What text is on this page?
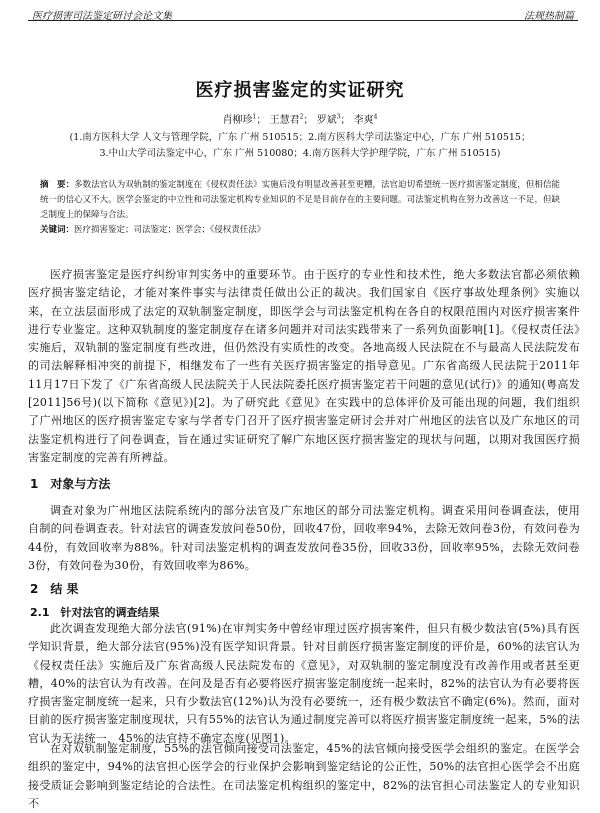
医疗损害司法鉴定研讨会论文集	法规热制篇
医疗损害鉴定的实证研究
肖柳珍$^1$； 王慧君$^2$； 罗斌$^3$； 李爽$^4$
(1.南方医科大学 人文与管理学院，广东 广州 510515；2.南方医科大学司法鉴定中心，广东 广州 510515；
3.中山大学司法鉴定中心，广东 广州 510080；4.南方医科大学护理学院，广东 广州 510515)
摘　要：多数法官认为双轨制的鉴定制度在《侵权责任法》实施后没有明显改善甚至更糟，法官迫切希望统一医疗损害鉴定制度，但相信能统一的信心又不大。医学会鉴定的中立性和司法鉴定机构专业知识的不足是目前存在的主要问题。司法鉴定机构在努力改善这一不足，但缺乏制度上的保障与合法。
关键词：医疗损害鉴定；司法鉴定；医学会；《侵权责任法》
医疗损害鉴定是医疗纠纷审判实务中的重要环节。由于医疗的专业性和技术性，绝大多数法官都必须依赖医疗损害鉴定结论，才能对案件事实与法律责任做出公正的裁决。我们国家自《医疗事故处理条例》实施以来，在立法层面形成了法定的双轨制鉴定制度，即医学会与司法鉴定机构在各自的权限范围内对医疗损害案件进行专业鉴定。这种双轨制度的鉴定制度存在诸多问题并对司法实践带来了一系列负面影响[1]。《侵权责任法》实施后，双轨制的鉴定制度有些改进，但仍然没有实质性的改变。各地高级人民法院在不与最高人民法院发布的司法解释相冲突的前提下，相继发布了一些有关医疗损害鉴定的指导意见。广东省高级人民法院于2011年11月17日下发了《广东省高级人民法院关于人民法院委托医疗损害鉴定若干问题的意见(试行)》的通知(粤高发[2011]56号)(以下简称《意见》)[2]。为了研究此《意见》在实践中的总体评价及可能出现的问题，我们组织了广州地区的医疗损害鉴定专家与学者专门召开了医疗损害鉴定研讨会并对广州地区的法官以及广东地区的司法鉴定机构进行了问卷调查，旨在通过实证研究了解广东地区医疗损害鉴定的现状与问题，以期对我国医疗损害鉴定制度的完善有所裨益。
1　对象与方法
调查对象为广州地区法院系统内的部分法官及广东地区的部分司法鉴定机构。调查采用问卷调查法，使用自制的问卷调查表。针对法官的调查发放问卷50份，回收47份，回收率94%，去除无效问卷3份，有效问卷为44份，有效回收率为88%。针对司法鉴定机构的调查发放问卷35份，回收33份，回收率95%，去除无效问卷3份，有效问卷为30份，有效回收率为86%。
2　结 果
2.1　针对法官的调查结果
此次调查发现绝大部分法官(91%)在审判实务中曾经审理过医疗损害案件，但只有极少数法官(5%)具有医学知识背景，绝大部分法官(95%)没有医学知识背景。针对目前医疗损害鉴定制度的评价是，60%的法官认为《侵权责任法》实施后及广东省高级人民法院发布的《意见》，对双轨制的鉴定制度没有改善作用或者甚至更糟，40%的法官认为有改善。在问及是否有必要将医疗损害鉴定制度统一起来时，82%的法官认为有必要将医疗损害鉴定制度统一起来，只有少数法官(12%)认为没有必要统一，还有极少数法官不确定(6%)。然而，面对目前的医疗损害鉴定制度现状，只有55%的法官认为通过制度完善可以将医疗损害鉴定制度统一起来，5%的法官认为无法统一，45%的法官持不确定态度(见图1)。
在对双轨制鉴定制度，55%的法官倾向接受司法鉴定，45%的法官倾向接受医学会组织的鉴定。在医学会组织的鉴定中，94%的法官担心医学会的行业保护会影响到鉴定结论的公正性，50%的法官担心医学会不出庭接受质证会影响到鉴定结论的合法性。在司法鉴定机构组织的鉴定中，82%的法官担心司法鉴定人的专业知识不
